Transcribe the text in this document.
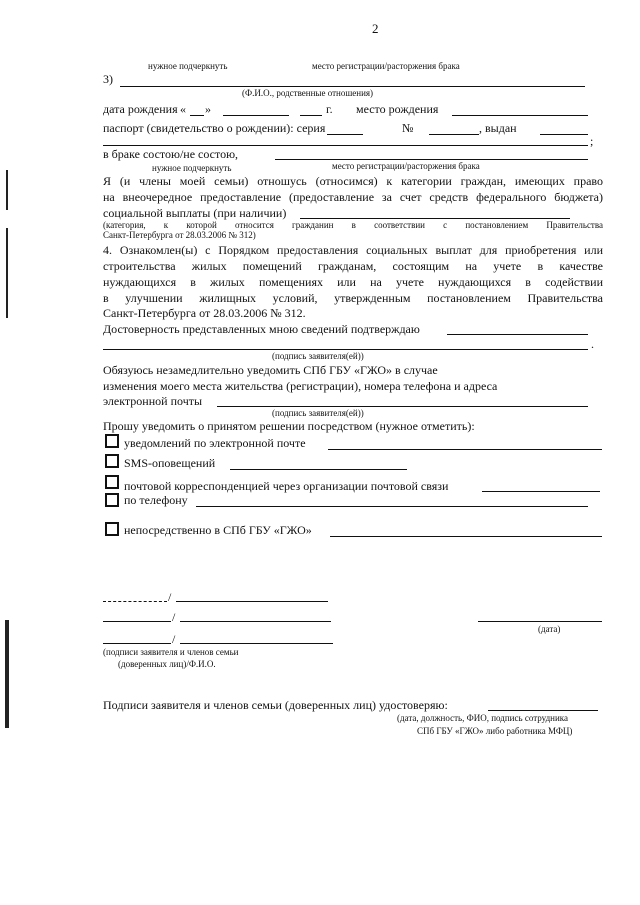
2
нужное подчеркнуть	место регистрации/расторжения брака
3)
(Ф.И.О., родственные отношения)
дата рождения « »	г. место рождения
паспорт (свидетельство о рождении): серия	№	, выдан
;
в браке состою/не состою,
нужное подчеркнуть	место регистрации/расторжения брака
Я (и члены моей семьи) отношусь (относимся) к категории граждан, имеющих право
на внеочередное предоставление (предоставление за счет средств федерального бюджета)
социальной выплаты (при наличии)
(категория, к которой относится гражданин в соответствии с постановлением Правительства
Санкт-Петербурга от 28.03.2006 № 312)
4. Ознакомлен(ы) с Порядком предоставления социальных выплат для приобретения или
строительства жилых помещений гражданам, состоящим на учете в качестве
нуждающихся в жилых помещениях или на учете нуждающихся в содействии
в улучшении жилищных условий, утвержденным постановлением Правительства
Санкт-Петербурга от 28.03.2006 № 312.
Достоверность представленных мною сведений подтверждаю
.
(подпись заявителя(ей))
Обязуюсь незамедлительно уведомить СПб ГБУ «ГЖО» в случае
изменения моего места жительства (регистрации), номера телефона и адреса
электронной почты
(подпись заявителя(ей))
Прошу уведомить о принятом решении посредством (нужное отметить):
уведомлений по электронной почте
SMS-оповещений
почтовой корреспонденцией через организации почтовой связи
по телефону
непосредственно в СПб ГБУ «ГЖО»
/
/
(дата)
/
(подписи заявителя и членов семьи
(доверенных лиц)/Ф.И.О.
Подписи заявителя и членов семьи (доверенных лиц) удостоверяю:
(дата, должность, ФИО, подпись сотрудника
СПб ГБУ «ГЖО» либо работника МФЦ)
